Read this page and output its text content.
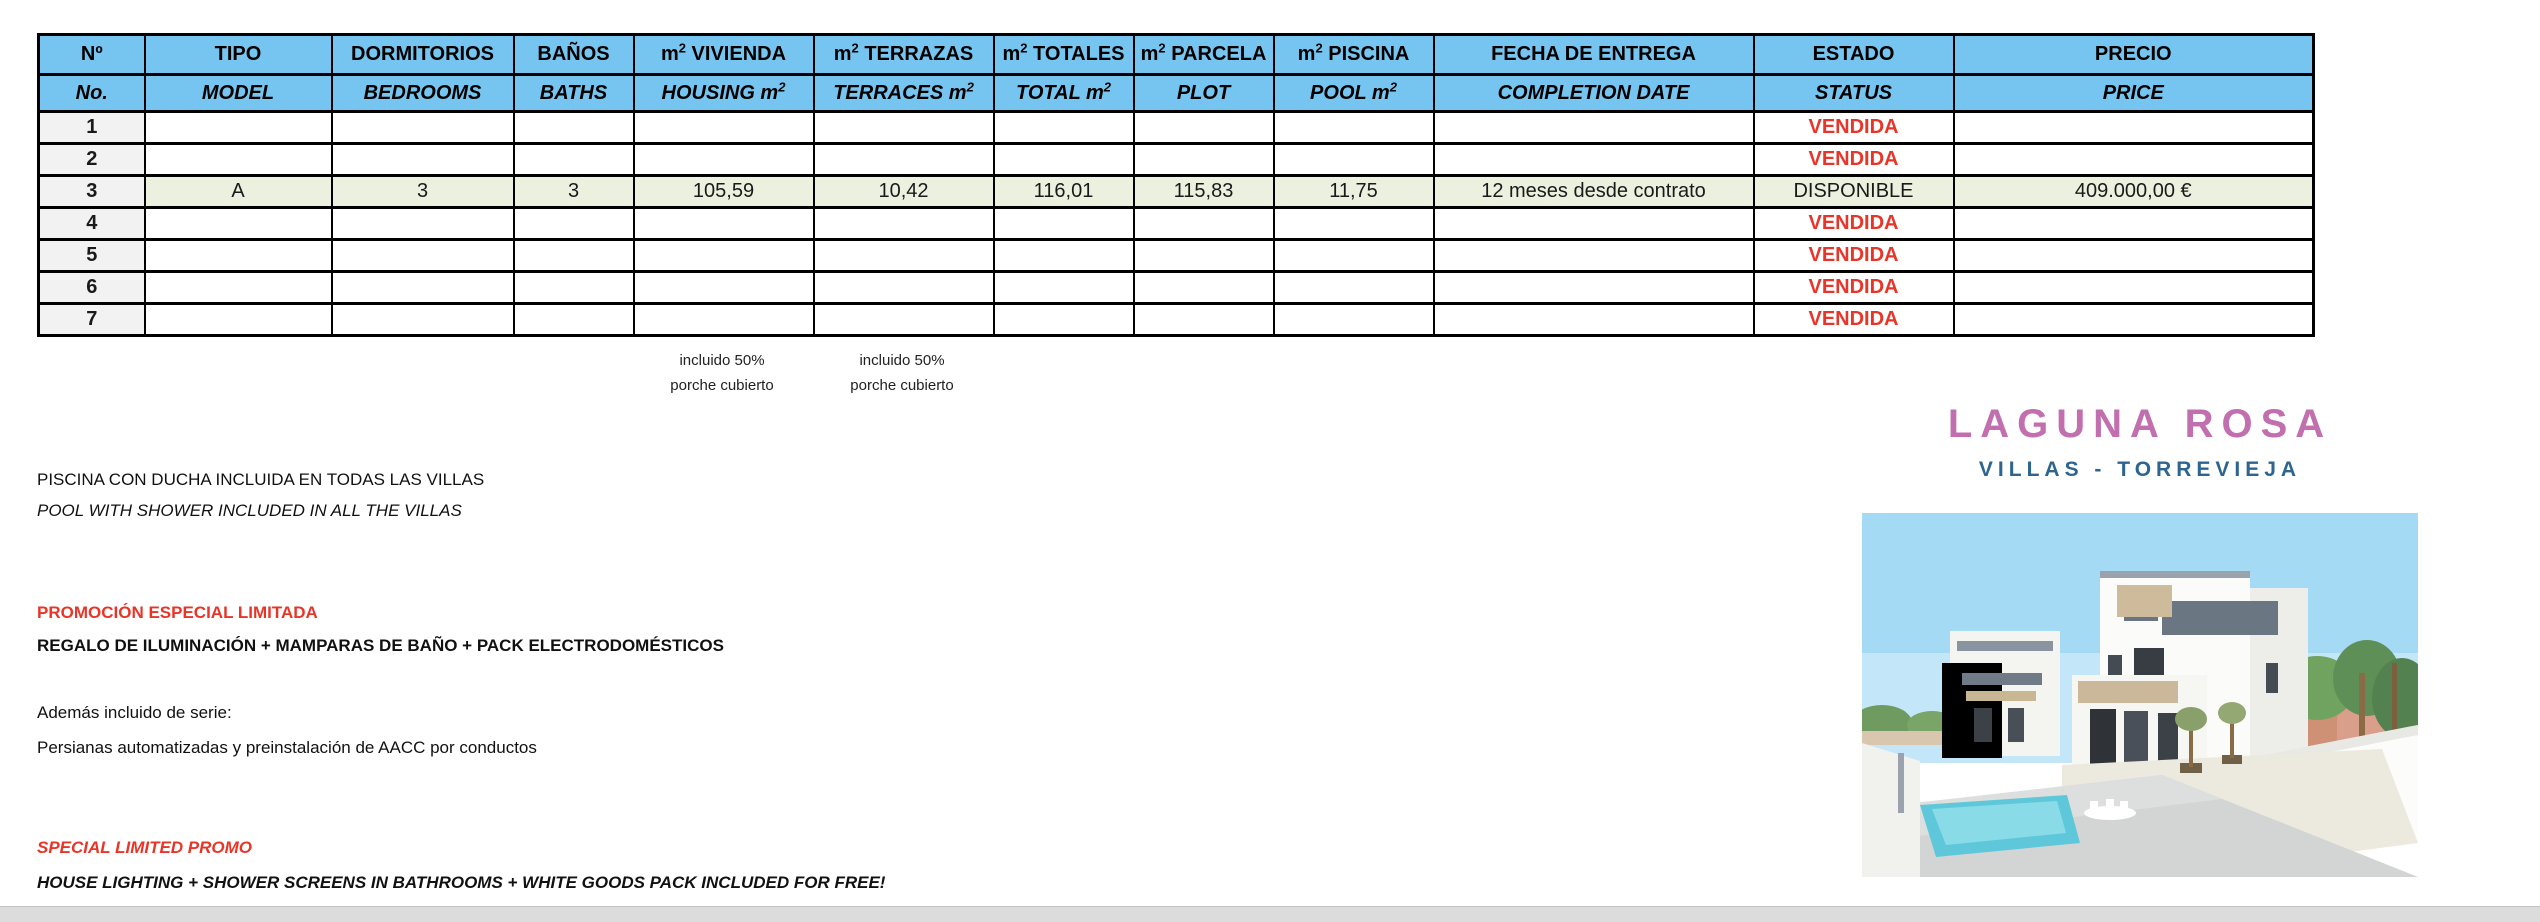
Nº	TIPO	DORMITORIOS	BAÑOS	$m^2$ VIVIENDA	$m^2$ TERRAZAS	$m^2$ TOTALES	$m^2$ PARCELA	$m^2$ PISCINA	FECHA DE ENTREGA	ESTADO	PRECIO
No.	MODEL	BEDROOMS	BATHS	HOUSING $m^2$	TERRACES $m^2$	TOTAL $m^2$	PLOT	POOL $m^2$	COMPLETION DATE	STATUS	PRICE
1										VENDIDA	
2										VENDIDA	
3	A	3	3	105,59	10,42	116,01	115,83	11,75	12 meses desde contrato	DISPONIBLE	409.000,00 €
4										VENDIDA	
5										VENDIDA	
6										VENDIDA	
7										VENDIDA	
incluido 50%
porche cubierto
incluido 50%
porche cubierto
PISCINA CON DUCHA INCLUIDA EN TODAS LAS VILLAS
POOL WITH SHOWER INCLUDED IN ALL THE VILLAS
PROMOCIÓN ESPECIAL LIMITADA
REGALO DE ILUMINACIÓN + MAMPARAS DE BAÑO + PACK ELECTRODOMÉSTICOS
Además incluido de serie:
Persianas automatizadas y preinstalación de AACC por conductos
SPECIAL LIMITED PROMO
HOUSE LIGHTING + SHOWER SCREENS IN BATHROOMS + WHITE GOODS PACK INCLUDED FOR FREE!
LAGUNA ROSA
VILLAS - TORREVIEJA
